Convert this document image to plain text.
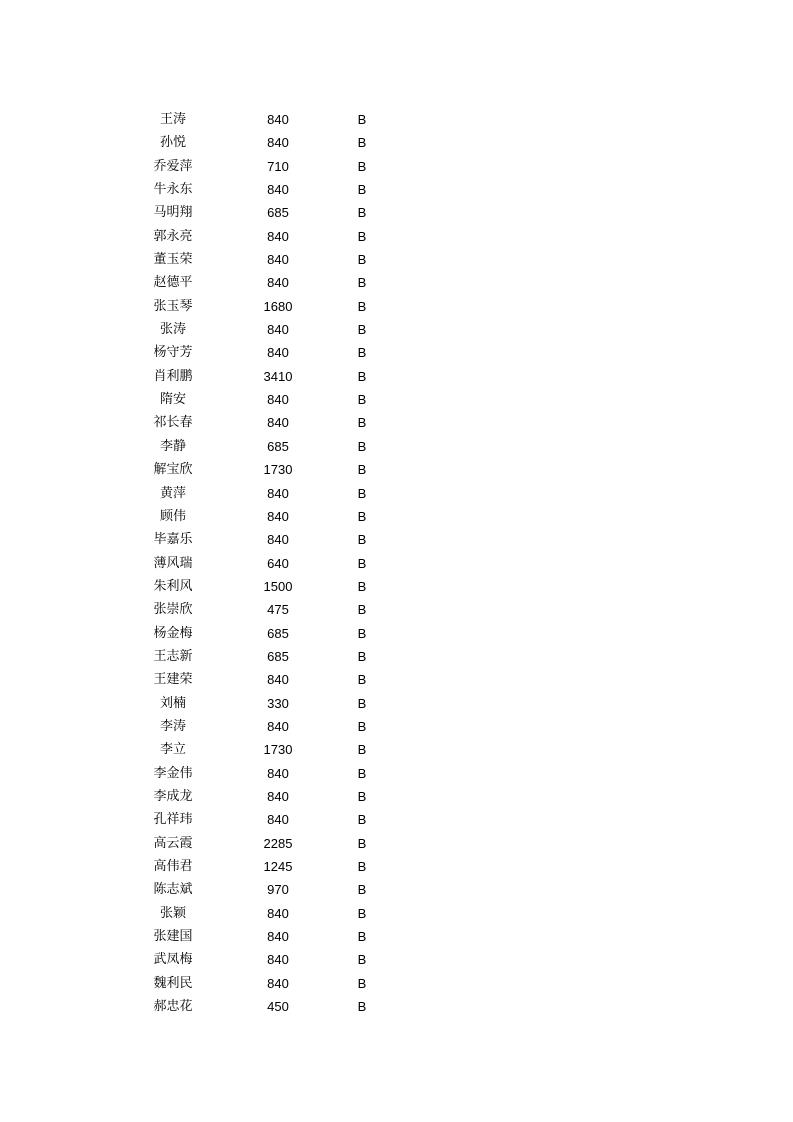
王涛	840	B
孙悦	840	B
乔爱萍	710	B
牛永东	840	B
马明翔	685	B
郭永亮	840	B
董玉荣	840	B
赵德平	840	B
张玉琴	1680	B
张涛	840	B
杨守芳	840	B
肖利鹏	3410	B
隋安	840	B
祁长春	840	B
李静	685	B
解宝欣	1730	B
黄萍	840	B
顾伟	840	B
毕嘉乐	840	B
薄风瑞	640	B
朱利风	1500	B
张崇欣	475	B
杨金梅	685	B
王志新	685	B
王建荣	840	B
刘楠	330	B
李涛	840	B
李立	1730	B
李金伟	840	B
李成龙	840	B
孔祥玮	840	B
高云霞	2285	B
高伟君	1245	B
陈志斌	970	B
张颖	840	B
张建国	840	B
武凤梅	840	B
魏利民	840	B
郝忠花	450	B
